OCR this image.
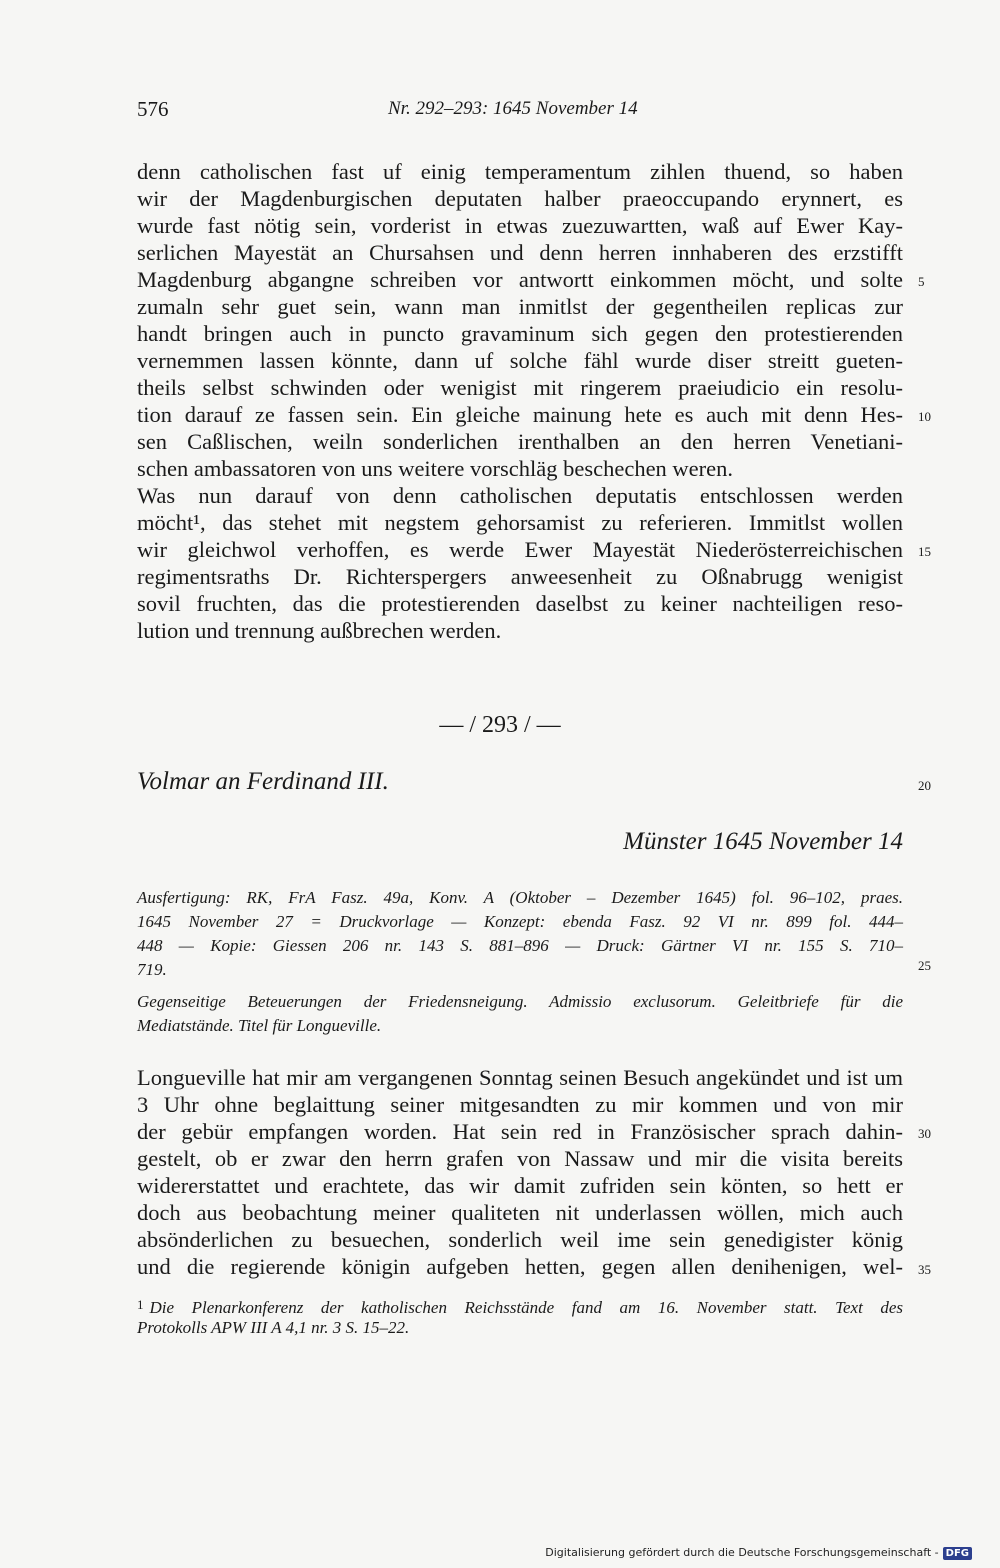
576	Nr. 292–293: 1645 November 14
denn catholischen fast uf einig temperamentum zihlen thuend, so haben
wir der Magdenburgischen deputaten halber praeoccupando erynnert, es
wurde fast nötig sein, vorderist in etwas zuezuwartten, waß auf Ewer Kay-
serlichen Mayestät an Chursahsen und denn herren innhaberen des erzstifft
Magdenburg abgangne schreiben vor antwortt einkommen möcht, und solte
zumaln sehr guet sein, wann man inmitlst der gegentheilen replicas zur
handt bringen auch in puncto gravaminum sich gegen den protestierenden
vernemmen lassen könnte, dann uf solche fähl wurde diser streitt gueten-
theils selbst schwinden oder wenigist mit ringerem praeiudicio ein resolu-
tion darauf ze fassen sein. Ein gleiche mainung hete es auch mit denn Hes-
sen Caßlischen, weiln sonderlichen irenthalben an den herren Venetiani-
schen ambassatoren von uns weitere vorschläg beschechen weren.
Was nun darauf von denn catholischen deputatis entschlossen werden
möcht¹, das stehet mit negstem gehorsamist zu referieren. Immitlst wollen
wir gleichwol verhoffen, es werde Ewer Mayestät Niederösterreichischen
regimentsraths Dr. Richterspergers anweesenheit zu Oßnabrugg wenigist
sovil fruchten, das die protestierenden daselbst zu keiner nachteiligen reso-
lution und trennung außbrechen werden.
5
10
15
20
25
30
35
— / 293 / —
Volmar an Ferdinand III.
Münster 1645 November 14
Ausfertigung: RK, FrA Fasz. 49a, Konv. A (Oktober – Dezember 1645) fol. 96–102, praes.
1645 November 27 = Druckvorlage — Konzept: ebenda Fasz. 92 VI nr. 899 fol. 444–
448 — Kopie: Giessen 206 nr. 143 S. 881–896 — Druck: Gärtner VI nr. 155 S. 710–
719.
Gegenseitige Beteuerungen der Friedensneigung. Admissio exclusorum. Geleitbriefe für die
Mediatstände. Titel für Longueville.
Longueville hat mir am vergangenen Sonntag seinen Besuch angekündet und ist um
3 Uhr ohne beglaittung seiner mitgesandten zu mir kommen und von mir
der gebür empfangen worden. Hat sein red in Französischer sprach dahin-
gestelt, ob er zwar den herrn grafen von Nassaw und mir die visita bereits
widererstattet und erachtete, das wir damit zufriden sein könten, so hett er
doch aus beobachtung meiner qualiteten nit underlassen wöllen, mich auch
absönderlichen zu besuechen, sonderlich weil ime sein genedigister könig
und die regierende königin aufgeben hetten, gegen allen denihenigen, wel-
$^1$ Die Plenarkonferenz der katholischen Reichsstände fand am 16. November statt. Text des
Protokolls APW III A 4,1 nr. 3 S. 15–22.
Digitalisierung gefördert durch die Deutsche Forschungsgemeinschaft - DFG
